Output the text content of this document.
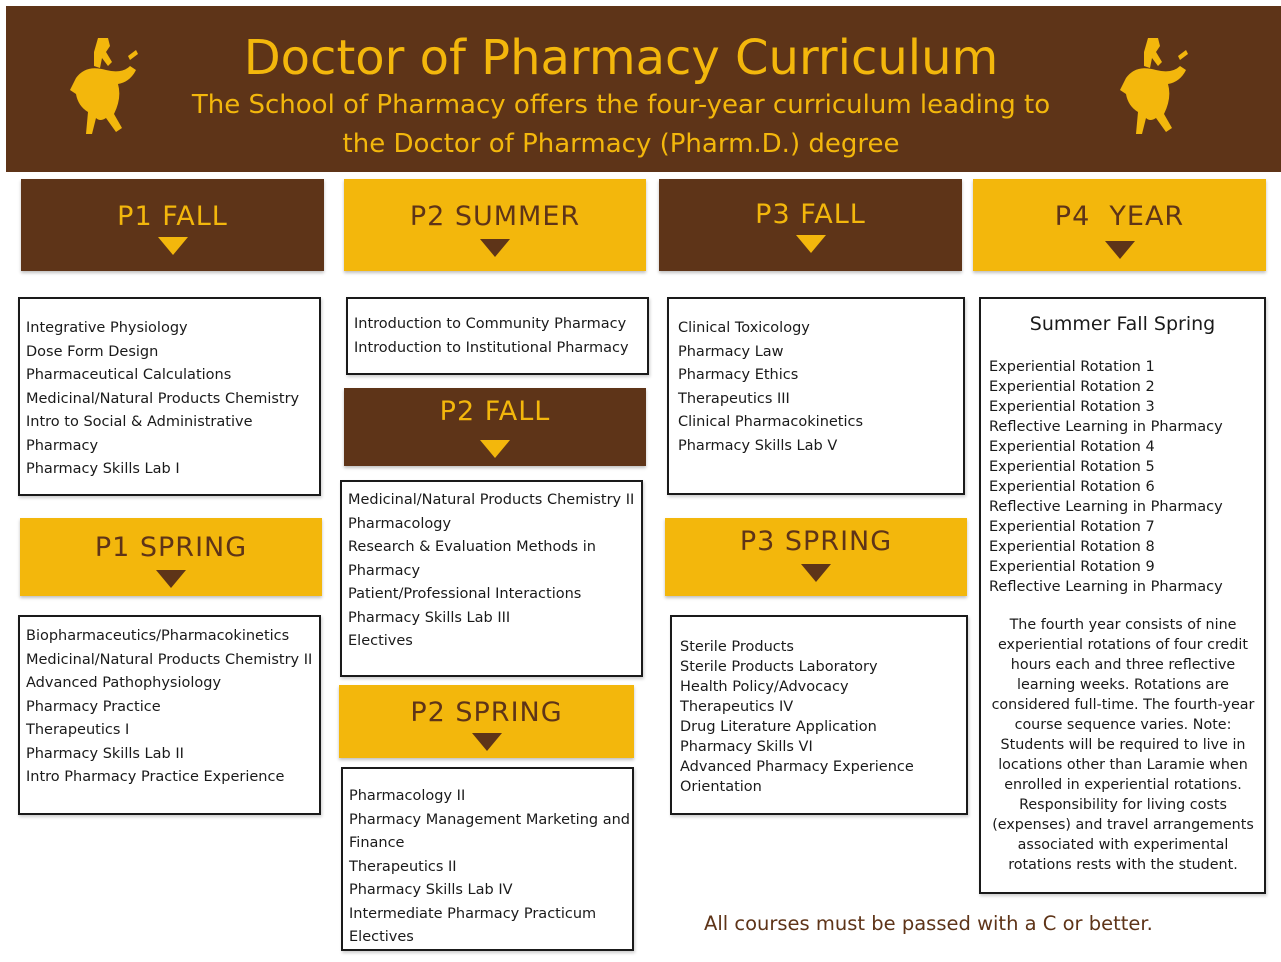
Doctor of Pharmacy Curriculum
The School of Pharmacy offers the four-year curriculum leading to
the Doctor of Pharmacy (Pharm.D.) degree
P1 FALL
Integrative Physiology
Dose Form Design
Pharmaceutical Calculations
Medicinal/Natural Products Chemistry
Intro to Social & Administrative
Pharmacy
Pharmacy Skills Lab I
P1 SPRING
Biopharmaceutics/Pharmacokinetics
Medicinal/Natural Products Chemistry II
Advanced Pathophysiology
Pharmacy Practice
Therapeutics I
Pharmacy Skills Lab II
Intro Pharmacy Practice Experience
P2 SUMMER
Introduction to Community Pharmacy
Introduction to Institutional Pharmacy
P2 FALL
Medicinal/Natural Products Chemistry II
Pharmacology
Research & Evaluation Methods in
Pharmacy
Patient/Professional Interactions
Pharmacy Skills Lab III
Electives
P2 SPRING
Pharmacology II
Pharmacy Management Marketing and
Finance
Therapeutics II
Pharmacy Skills Lab IV
Intermediate Pharmacy Practicum
Electives
P3 FALL
Clinical Toxicology
Pharmacy Law
Pharmacy Ethics
Therapeutics III
Clinical Pharmacokinetics
Pharmacy Skills Lab V
P3 SPRING
Sterile Products
Sterile Products Laboratory
Health Policy/Advocacy
Therapeutics IV
Drug Literature Application
Pharmacy Skills VI
Advanced Pharmacy Experience
Orientation
P4  YEAR
Summer Fall Spring
Experiential Rotation 1
Experiential Rotation 2
Experiential Rotation 3
Reflective Learning in Pharmacy
Experiential Rotation 4
Experiential Rotation 5
Experiential Rotation 6
Reflective Learning in Pharmacy
Experiential Rotation 7
Experiential Rotation 8
Experiential Rotation 9
Reflective Learning in Pharmacy

The fourth year consists of nine experiential rotations of four credit hours each and three reflective learning weeks. Rotations are considered full-time. The fourth-year course sequence varies. Note: Students will be required to live in locations other than Laramie when enrolled in experiential rotations. Responsibility for living costs (expenses) and travel arrangements associated with experimental rotations rests with the student.

All courses must be passed with a C or better.
